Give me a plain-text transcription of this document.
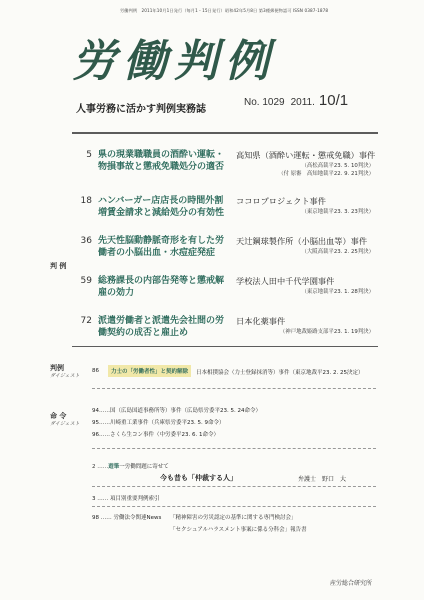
労働判例　2011年10月1日発行（毎月1・15日発行）昭和42年5月8日 第3種郵便物認可 ISSN 0387-1878
労働判例
人事労務に活かす判例実務誌
No. 1029 2011. 10/1
判 例
5 県の現業職職員の酒酔い運転・
物損事故と懲戒免職処分の適否
高知県（酒酔い運転・懲戒免職）事件
（高松高裁平23. 5. 10判決）
（付 原審　高知地裁平22. 9. 21判決）
18 ハンバーガー店店長の時間外割
増賃金請求と減給処分の有効性
ココロプロジェクト事件
（東京地裁平23. 3. 23判決）
36 先天性脳動静脈奇形を有した労
働者の小脳出血・水痘症発症
天辻鋼球製作所（小脳出血等）事件
（大阪高裁平23. 2. 25判決）
59 総務課長の内部告発等と懲戒解
雇の効力
学校法人田中千代学園事件
（東京地裁平23. 1. 28判決）
72 派遣労働者と派遣先会社間の労
働契約の成否と雇止め
日本化薬事件
（神戸地裁姫路支部平23. 1. 19判決）
判例
ダイジェスト
86	力士の「労働者性」と契約解除	日本相撲協会（力士登録抹消等）事件（東京地裁平23. 2. 25決定）
命 令
ダイジェスト
94……国（広島国道事務所等）事件（広島県労委平23. 5. 24命令）
95……川崎重工業事件（兵庫県労委平23. 5. 9命令）
96……さくら生コン事件（中労委平23. 6. 1命令）
2 ……遊筆一労働問題に寄せて
今も昔も「仲裁する人」	弁護士　野口　大
3 …… 項目別重要判例索引
98 …… 労働法令関連News 「精神障害の労災認定の基準に関する専門検討会」
「セクシュアルハラスメント事案に係る分科会」報告書
産労総合研究所
